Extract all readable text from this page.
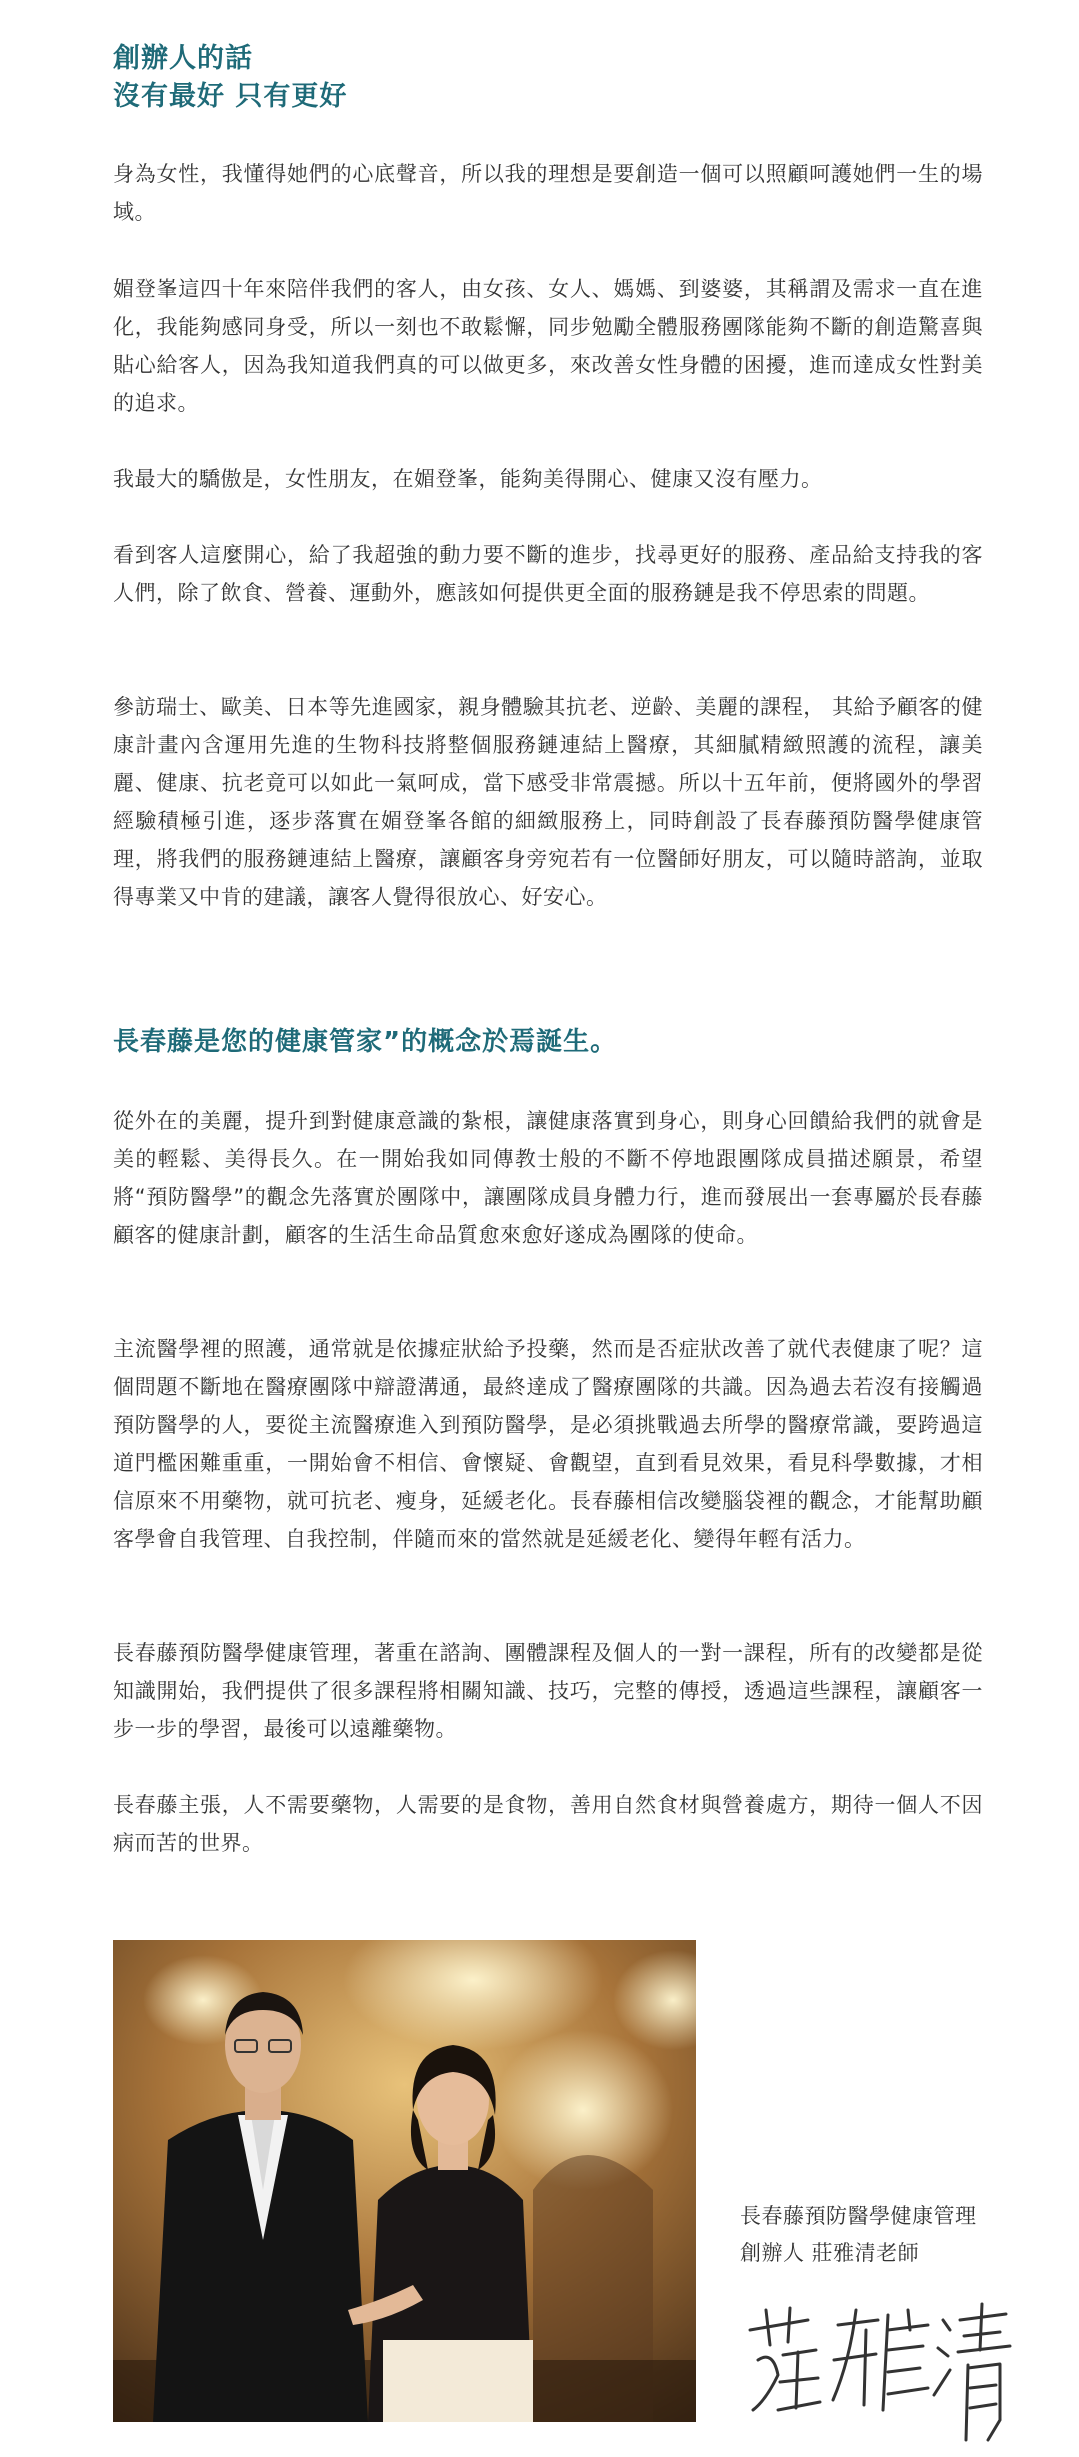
創辦人的話
沒有最好 只有更好
身為女性，我懂得她們的心底聲音，所以我的理想是要創造一個可以照顧呵護她們一生的場域。
媚登峯這四十年來陪伴我們的客人，由女孩、女人、媽媽、到婆婆，其稱謂及需求一直在進化，我能夠感同身受，所以一刻也不敢鬆懈，同步勉勵全體服務團隊能夠不斷的創造驚喜與貼心給客人，因為我知道我們真的可以做更多，來改善女性身體的困擾，進而達成女性對美的追求。
我最大的驕傲是，女性朋友，在媚登峯，能夠美得開心、健康又沒有壓力。
看到客人這麼開心，給了我超強的動力要不斷的進步，找尋更好的服務、產品給支持我的客人們，除了飲食、營養、運動外，應該如何提供更全面的服務鏈是我不停思索的問題。
參訪瑞士、歐美、日本等先進國家，親身體驗其抗老、逆齡、美麗的課程， 其給予顧客的健康計畫內含運用先進的生物科技將整個服務鏈連結上醫療，其細膩精緻照護的流程，讓美麗、健康、抗老竟可以如此一氣呵成，當下感受非常震撼。所以十五年前，便將國外的學習經驗積極引進，逐步落實在媚登峯各館的細緻服務上，同時創設了長春藤預防醫學健康管理，將我們的服務鏈連結上醫療，讓顧客身旁宛若有一位醫師好朋友，可以隨時諮詢，並取得專業又中肯的建議，讓客人覺得很放心、好安心。
長春藤是您的健康管家”的概念於焉誕生。
從外在的美麗，提升到對健康意識的紮根，讓健康落實到身心，則身心回饋給我們的就會是美的輕鬆、美得長久。在一開始我如同傳教士般的不斷不停地跟團隊成員描述願景，希望將“預防醫學”的觀念先落實於團隊中，讓團隊成員身體力行，進而發展出一套專屬於長春藤顧客的健康計劃，顧客的生活生命品質愈來愈好遂成為團隊的使命。
主流醫學裡的照護，通常就是依據症狀給予投藥，然而是否症狀改善了就代表健康了呢？這個問題不斷地在醫療團隊中辯證溝通，最終達成了醫療團隊的共識。因為過去若沒有接觸過預防醫學的人，要從主流醫療進入到預防醫學，是必須挑戰過去所學的醫療常識，要跨過這道門檻困難重重，一開始會不相信、會懷疑、會觀望，直到看見效果，看見科學數據，才相信原來不用藥物，就可抗老、瘦身，延緩老化。長春藤相信改變腦袋裡的觀念，才能幫助顧客學會自我管理、自我控制，伴隨而來的當然就是延緩老化、變得年輕有活力。
長春藤預防醫學健康管理，著重在諮詢、團體課程及個人的一對一課程，所有的改變都是從知識開始，我們提供了很多課程將相關知識、技巧，完整的傳授，透過這些課程，讓顧客一步一步的學習，最後可以遠離藥物。
長春藤主張，人不需要藥物，人需要的是食物，善用自然食材與營養處方，期待一個人不因病而苦的世界。
長春藤預防醫學健康管理
創辦人 莊雅清老師
